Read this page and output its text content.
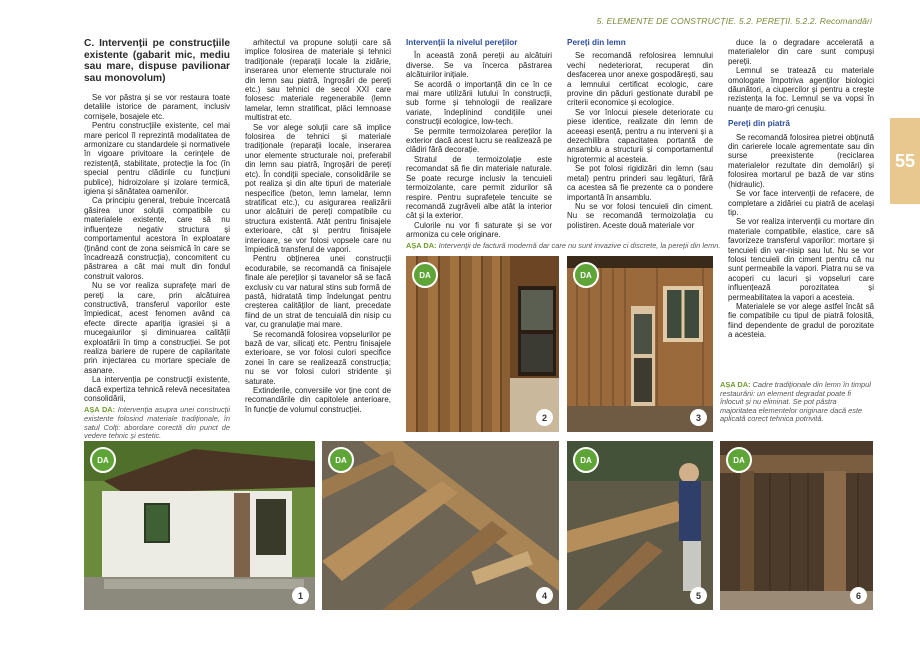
5. ELEMENTE DE CONSTRUCȚIE. 5.2. PEREȚII. 5.2.2. Recomandări
55
C. Intervenții pe construcțiile existente (gabarit mic, mediu sau mare, dispuse pavilionar sau monovolum)

Se vor păstra și se vor restaura toate detaliile istorice de parament, inclusiv cornișele, bosajele etc.

Pentru construcțiile existente, cel mai mare pericol îl reprezintă modalitatea de armonizare cu standardele și normativele în vigoare privitoare la cerințele de rezistență, stabilitate, protecție la foc (în special pentru clădirile cu funcțiuni publice), hidroizolare și izolare termică, igiena și sănătatea oamenilor.

Ca principiu general, trebuie încercată găsirea unor soluții compatibile cu materialele existente, care să nu influențeze negativ structura și comportamentul acestora în exploatare (ținând cont de zona seismică în care se încadrează construcția), concomitent cu păstrarea a cât mai mult din fondul construit valoros.

Nu se vor realiza suprafețe mari de pereți la care, prin alcătuirea constructivă, transferul vaporilor este împiedicat, acest fenomen având ca efecte directe apariția igrasiei și a mucegaiurilor și diminuarea calității exploatării în timp a construcției. Se pot realiza bariere de rupere de capilaritate prin injectarea cu mortare speciale de asanare.

La intervenția pe construcții existente, dacă expertiza tehnică relevă necesitatea consolidării,

AȘA DA: Intervenția asupra unei construcții existente folosind materiale tradiționale, în satul Colți: abordare corectă din punct de vedere tehnic și estetic.

arhitectul va propune soluții care să implice folosirea de materiale și tehnici tradiționale (reparații locale la zidărie, inserarea unor elemente structurale noi din lemn sau piatră, îngroșări de pereți etc.) sau tehnici de secol XXI care folosesc materiale regenerabile (lemn lamelar, lemn stratificat, plăci lemnoase multistrat etc.

Se vor alege soluții care să implice folosirea de tehnici și materiale tradiționale (reparații locale, inserarea unor elemente structurale noi, preferabil din lemn sau piatră, îngroșări de pereți etc). În condiții speciale, consolidările se pot realiza și din alte tipuri de materiale nespecifice (beton, lemn lamelar, lemn stratificat etc.), cu asigurarea realizării unor alcătuiri de pereți compatibile cu structura existentă. Atât pentru finisajele exterioare, cât și pentru finisajele interioare, se vor folosi vopsele care nu împiedică transferul de vapori.

Pentru obținerea unei construcții ecodurabile, se recomandă ca finisajele finale ale pereților și tavanelor să se facă exclusiv cu var natural stins sub formă de pastă, hidratată timp îndelungat pentru creșterea calităților de liant, precedate fiind de un strat de tencuială din nisip cu var, cu granulație mai mare.

Se recomandă folosirea vopselurilor pe bază de var, silicați etc. Pentru finisajele exterioare, se vor folosi culori specifice zonei în care se realizează construcția; nu se vor folosi culori stridente și saturate.

Extinderile, conversiile vor ține cont de recomandările din capitolele anterioare, în funcție de volumul construcției.

Intervenții la nivelul pereților

În această zonă pereții au alcătuiri diverse. Se va încerca păstrarea alcătuirilor inițiale.

Se acordă o importanță din ce în ce mai mare utilizării lutului în construcții, sub forme și tehnologii de realizare variate, îndeplinind condițiile unei construcții ecologice, low-tech.

Se permite termoizolarea pereților la exterior dacă acest lucru se realizează pe clădiri fără decorație.

Stratul de termoizolație este recomandat să fie din materiale naturale. Se poate recurge inclusiv la tencuieli termoizolante, care permit zidurilor să respire. Pentru suprafețele tencuite se recomandă zugrăveli albe atât la interior cât și la exterior.

Culorile nu vor fi saturate și se vor armoniza cu cele originare.

Pereți din lemn

Se recomandă refolosirea lemnului vechi nedeteriorat, recuperat din desfacerea unor anexe gospodărești, sau a lemnului certificat ecologic, care provine din păduri gestionate durabil pe criterii economice și ecologice.

Se vor înlocui piesele deteriorate cu piese identice, realizate din lemn de aceeași esență, pentru a nu interveni și a dezechilibra capacitatea portantă de ansamblu a structurii și comportamentul higrotermic al acesteia.

Se pot folosi rigidizări din lemn (sau metal) pentru prinderi sau legături, fără ca acestea să fie prezente ca o pondere importantă în ansamblu.

Nu se vor folosi tencuieli din ciment. Nu se recomandă termoizolația cu polistiren. Aceste două materiale vor

duce la o degradare accelerată a materialelor din care sunt compuși pereții.

Lemnul se tratează cu materiale omologate împotriva agenților biologici dăunători, a ciupercilor și pentru a crește rezistența la foc. Lemnul se va vopsi în nuanțe de maro-gri cenușiu.

Pereți din piatră

Se recomandă folosirea pietrei obținută din carierele locale agrementate sau din surse preexistente (reciclarea materialelor rezultate din demolări) și folosirea mortarul pe bază de var stins (hidraulic).

Se vor face intervenții de refacere, de completare a zidăriei cu piatră de același tip.

Se vor realiza intervenții cu mortare din materiale compatibile, elastice, care să favorizeze transferul vaporilor: mortare și tencuieli din var-nisip sau lut. Nu se vor folosi tencuieli din ciment pentru că nu sunt permeabile la vapori. Piatra nu se va acoperi cu lacuri și vopseluri care influențează porozitatea și permeabilitatea la vapori a acesteia.

Materialele se vor alege astfel încât să fie compatibile cu tipul de piatră folosită, fiind dependente de gradul de porozitate a acesteia.

AȘA DA: Cadre tradiționale din lemn în timpul restaurării: un element degradat poate fi înlocuit și nu eliminat. Se pot păstra majoritatea elementelor originare dacă este aplicată corect tehnica potrivită.
AȘA DA: Intervenții de factură modernă dar care nu sunt invazive ci discrete, la pereții din lemn.
DA
2
DA
3
DA
1
DA
4
DA
5
DA
6
